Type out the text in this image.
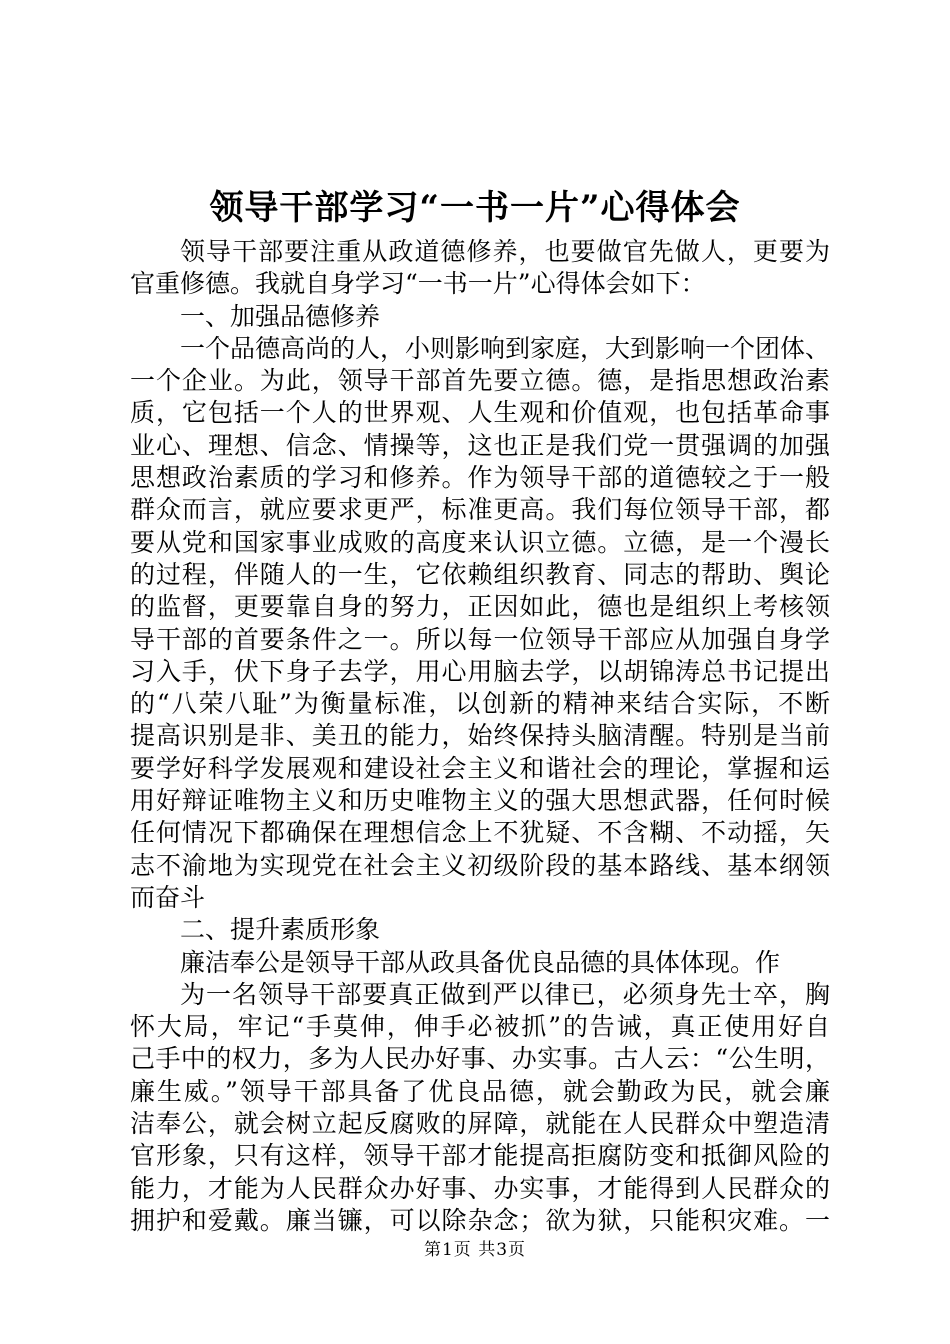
领导干部学习“一书一片”心得体会
领导干部要注重从政道德修养，也要做官先做人，更要为
官重修德。我就自身学习“一书一片”心得体会如下：
一、加强品德修养
一个品德高尚的人，小则影响到家庭，大到影响一个团体、
一个企业。为此，领导干部首先要立德。德，是指思想政治素
质，它包括一个人的世界观、人生观和价值观，也包括革命事
业心、理想、信念、情操等，这也正是我们党一贯强调的加强
思想政治素质的学习和修养。作为领导干部的道德较之于一般
群众而言，就应要求更严，标准更高。我们每位领导干部，都
要从党和国家事业成败的高度来认识立德。立德，是一个漫长
的过程，伴随人的一生，它依赖组织教育、同志的帮助、舆论
的监督，更要靠自身的努力，正因如此，德也是组织上考核领
导干部的首要条件之一。所以每一位领导干部应从加强自身学
习入手，伏下身子去学，用心用脑去学，以胡锦涛总书记提出
的“八荣八耻”为衡量标准，以创新的精神来结合实际，不断
提高识别是非、美丑的能力，始终保持头脑清醒。特别是当前
要学好科学发展观和建设社会主义和谐社会的理论，掌握和运
用好辩证唯物主义和历史唯物主义的强大思想武器，任何时候
任何情况下都确保在理想信念上不犹疑、不含糊、不动摇，矢
志不渝地为实现党在社会主义初级阶段的基本路线、基本纲领
而奋斗
二、提升素质形象
廉洁奉公是领导干部从政具备优良品德的具体体现。作
为一名领导干部要真正做到严以律已，必须身先士卒，胸
怀大局，牢记“手莫伸，伸手必被抓”的告诫，真正使用好自
己手中的权力，多为人民办好事、办实事。古人云：“公生明，
廉生威。”领导干部具备了优良品德，就会勤政为民，就会廉
洁奉公，就会树立起反腐败的屏障，就能在人民群众中塑造清
官形象，只有这样，领导干部才能提高拒腐防变和抵御风险的
能力，才能为人民群众办好事、办实事，才能得到人民群众的
拥护和爱戴。廉当镰，可以除杂念；欲为狱，只能积灾难。一
第1页 共3页
